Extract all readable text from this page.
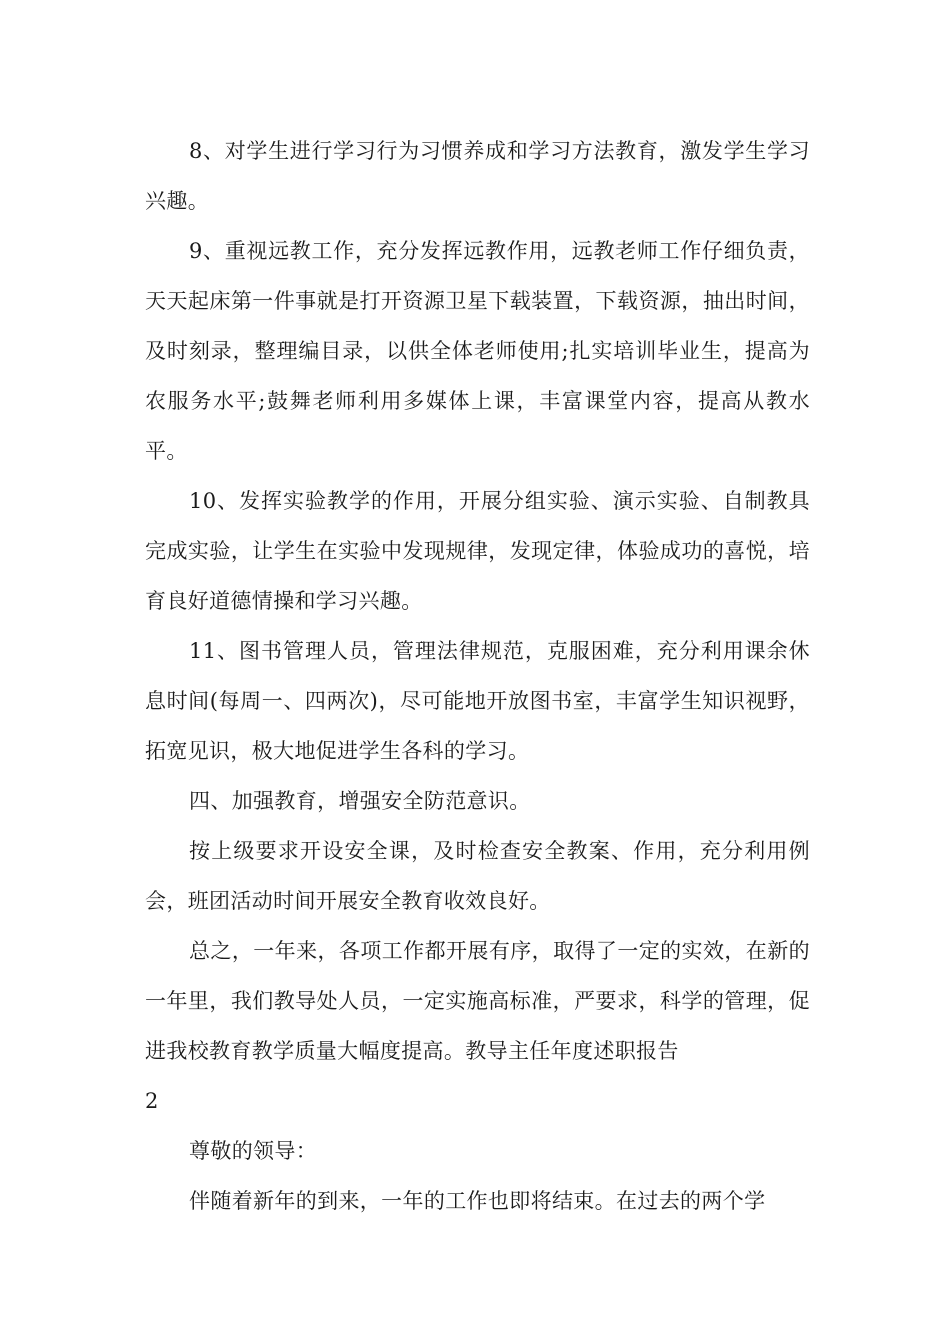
8、对学生进行学习行为习惯养成和学习方法教育，激发学生学习兴趣。

9、重视远教工作，充分发挥远教作用，远教老师工作仔细负责，天天起床第一件事就是打开资源卫星下载装置，下载资源，抽出时间，及时刻录，整理编目录，以供全体老师使用;扎实培训毕业生，提高为农服务水平;鼓舞老师利用多媒体上课，丰富课堂内容，提高从教水平。

10、发挥实验教学的作用，开展分组实验、演示实验、自制教具完成实验，让学生在实验中发现规律，发现定律，体验成功的喜悦，培育良好道德情操和学习兴趣。

11、图书管理人员，管理法律规范，克服困难，充分利用课余休息时间(每周一、四两次)，尽可能地开放图书室，丰富学生知识视野，拓宽见识，极大地促进学生各科的学习。

四、加强教育，增强安全防范意识。

按上级要求开设安全课，及时检查安全教案、作用，充分利用例会，班团活动时间开展安全教育收效良好。

总之，一年来，各项工作都开展有序，取得了一定的实效，在新的一年里，我们教导处人员，一定实施高标准，严要求，科学的管理，促进我校教育教学质量大幅度提高。教导主任年度述职报告

2

尊敬的领导：

伴随着新年的到来，一年的工作也即将结束。在过去的两个学
